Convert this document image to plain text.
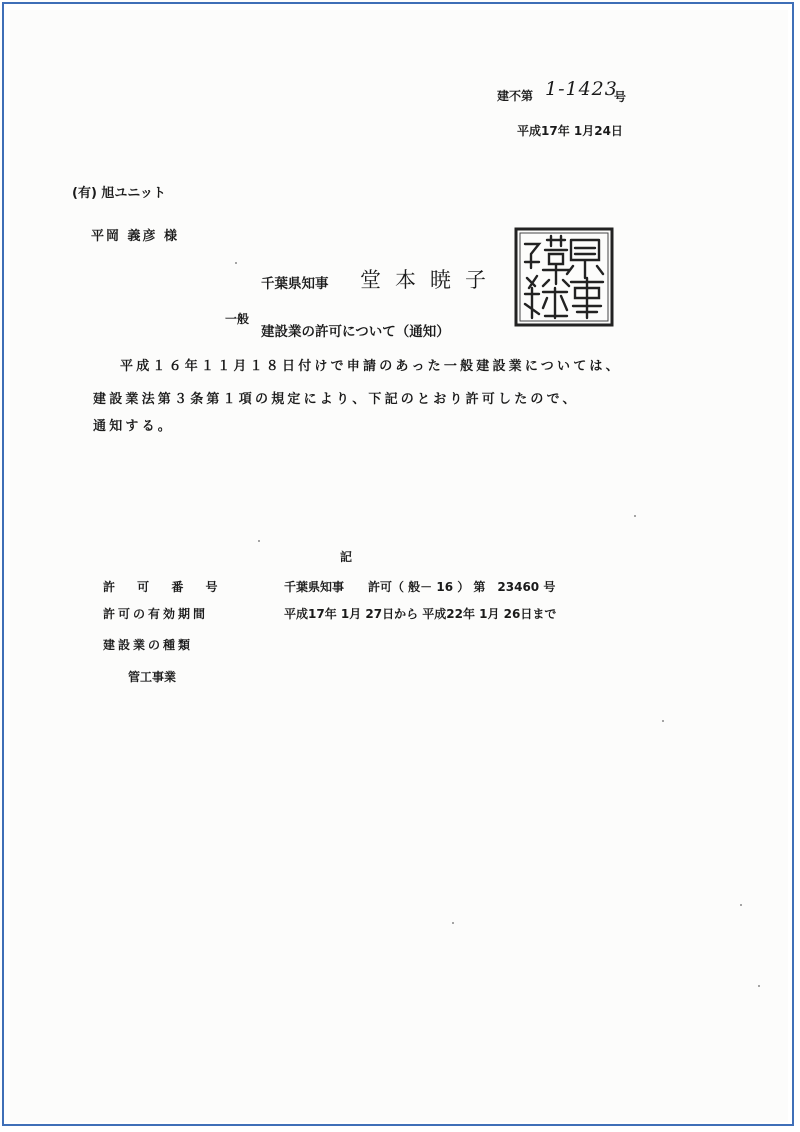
建不第 1-1423
号
平成17年 1月24日
(有) 旭ユニット
平岡 義彦 様
千葉県知事 堂本暁子
一般
建設業の許可について（通知）
平成１６年１１月１８日付けで申請のあった一般建設業については、
建設業法第３条第１項の規定により、下記のとおり許可したので、
通知する。
記
許 可 番 号	千葉県知事　　許可（ 般－ 16 ） 第　23460 号
許可の有効期間	平成17年 1月 27日から 平成22年 1月 26日まで
建設業の種類
管工事業
